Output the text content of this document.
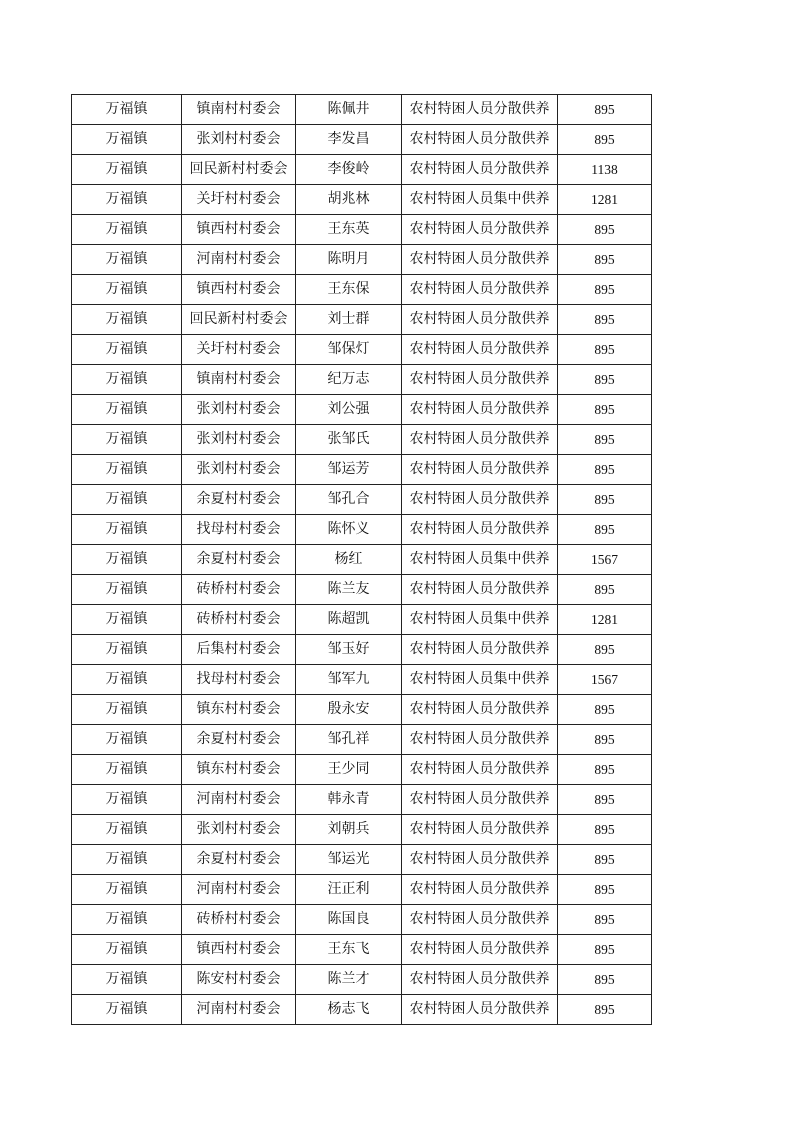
万福镇	镇南村村委会	陈佩井	农村特困人员分散供养	895
万福镇	张刘村村委会	李发昌	农村特困人员分散供养	895
万福镇	回民新村村委会	李俊岭	农村特困人员分散供养	1138
万福镇	关圩村村委会	胡兆林	农村特困人员集中供养	1281
万福镇	镇西村村委会	王东英	农村特困人员分散供养	895
万福镇	河南村村委会	陈明月	农村特困人员分散供养	895
万福镇	镇西村村委会	王东保	农村特困人员分散供养	895
万福镇	回民新村村委会	刘士群	农村特困人员分散供养	895
万福镇	关圩村村委会	邹保灯	农村特困人员分散供养	895
万福镇	镇南村村委会	纪万志	农村特困人员分散供养	895
万福镇	张刘村村委会	刘公强	农村特困人员分散供养	895
万福镇	张刘村村委会	张邹氏	农村特困人员分散供养	895
万福镇	张刘村村委会	邹运芳	农村特困人员分散供养	895
万福镇	余夏村村委会	邹孔合	农村特困人员分散供养	895
万福镇	找母村村委会	陈怀义	农村特困人员分散供养	895
万福镇	余夏村村委会	杨红	农村特困人员集中供养	1567
万福镇	砖桥村村委会	陈兰友	农村特困人员分散供养	895
万福镇	砖桥村村委会	陈超凯	农村特困人员集中供养	1281
万福镇	后集村村委会	邹玉好	农村特困人员分散供养	895
万福镇	找母村村委会	邹军九	农村特困人员集中供养	1567
万福镇	镇东村村委会	殷永安	农村特困人员分散供养	895
万福镇	余夏村村委会	邹孔祥	农村特困人员分散供养	895
万福镇	镇东村村委会	王少同	农村特困人员分散供养	895
万福镇	河南村村委会	韩永青	农村特困人员分散供养	895
万福镇	张刘村村委会	刘朝兵	农村特困人员分散供养	895
万福镇	余夏村村委会	邹运光	农村特困人员分散供养	895
万福镇	河南村村委会	汪正利	农村特困人员分散供养	895
万福镇	砖桥村村委会	陈国良	农村特困人员分散供养	895
万福镇	镇西村村委会	王东飞	农村特困人员分散供养	895
万福镇	陈安村村委会	陈兰才	农村特困人员分散供养	895
万福镇	河南村村委会	杨志飞	农村特困人员分散供养	895
